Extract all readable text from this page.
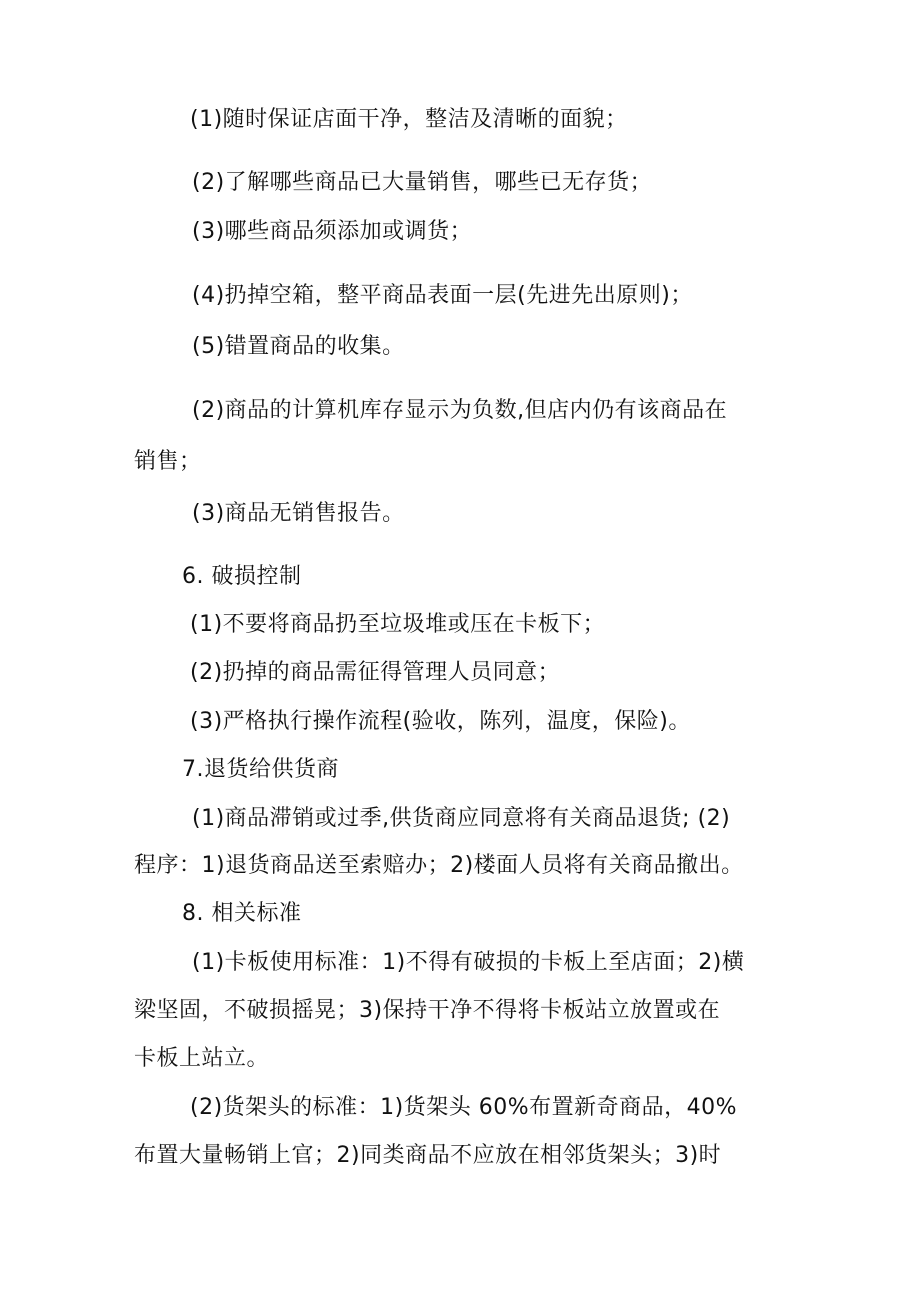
(1)随时保证店面干净，整洁及清晰的面貌；
(2)了解哪些商品已大量销售，哪些已无存货；
(3)哪些商品须添加或调货；
(4)扔掉空箱，整平商品表面一层(先进先出原则)；
(5)错置商品的收集。
(2)商品的计算机库存显示为负数,但店内仍有该商品在
销售；
(3)商品无销售报告。
6. 破损控制
(1)不要将商品扔至垃圾堆或压在卡板下；
(2)扔掉的商品需征得管理人员同意；
(3)严格执行操作流程(验收，陈列，温度，保险)。
7.退货给供货商
(1)商品滞销或过季,供货商应同意将有关商品退货; (2)
程序：1)退货商品送至索赔办；2)楼面人员将有关商品撤出。
8. 相关标准
(1)卡板使用标准：1)不得有破损的卡板上至店面；2)横
梁坚固，不破损摇晃；3)保持干净不得将卡板站立放置或在
卡板上站立。
(2)货架头的标准：1)货架头 60%布置新奇商品，40%
布置大量畅销上官；2)同类商品不应放在相邻货架头；3)时
